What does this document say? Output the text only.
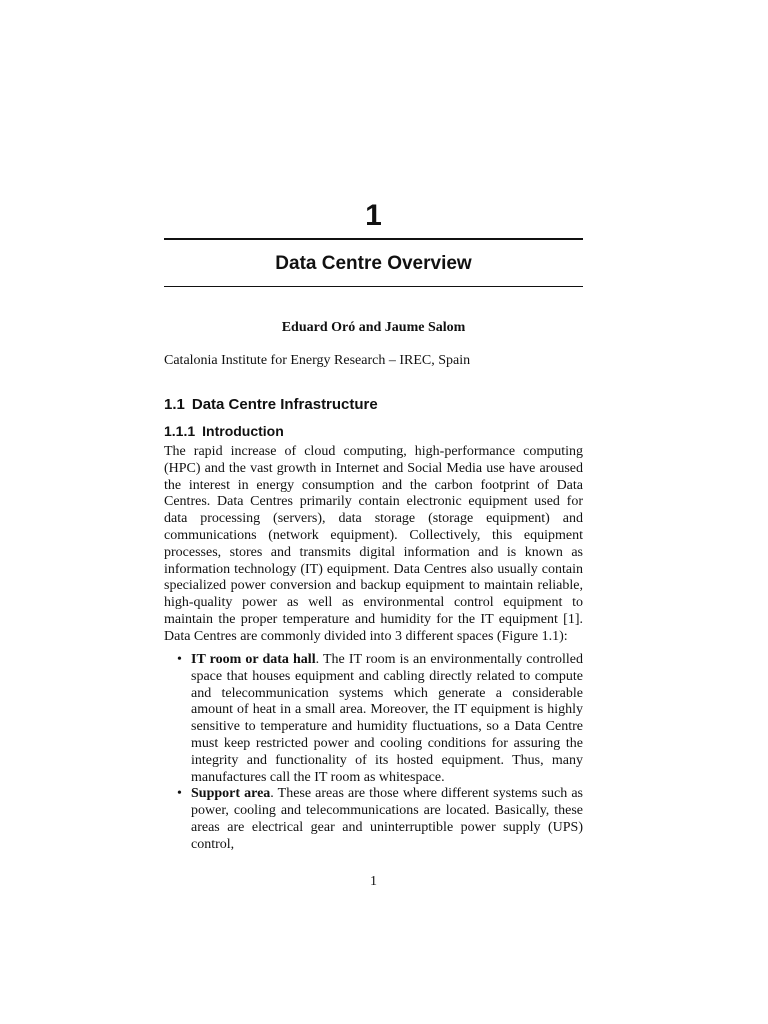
1
Data Centre Overview
Eduard Oró and Jaume Salom
Catalonia Institute for Energy Research – IREC, Spain
1.1 Data Centre Infrastructure
1.1.1 Introduction

The rapid increase of cloud computing, high-performance computing (HPC) and the vast growth in Internet and Social Media use have aroused the interest in energy consumption and the carbon footprint of Data Centres. Data Centres primarily contain electronic equipment used for data processing (servers), data storage (storage equipment) and communications (network equipment). Collectively, this equipment processes, stores and transmits digital information and is known as information technology (IT) equipment. Data Centres also usually contain specialized power conversion and backup equipment to maintain reliable, high-quality power as well as environmental control equipment to maintain the proper temperature and humidity for the IT equipment [1]. Data Centres are commonly divided into 3 different spaces (Figure 1.1):

• IT room or data hall. The IT room is an environmentally controlled space that houses equipment and cabling directly related to compute and telecommunication systems which generate a considerable amount of heat in a small area. Moreover, the IT equipment is highly sensitive to temperature and humidity fluctuations, so a Data Centre must keep restricted power and cooling conditions for assuring the integrity and functionality of its hosted equipment. Thus, many manufactures call the IT room as whitespace.
• Support area. These areas are those where different systems such as power, cooling and telecommunications are located. Basically, these areas are electrical gear and uninterruptible power supply (UPS) control,
1
